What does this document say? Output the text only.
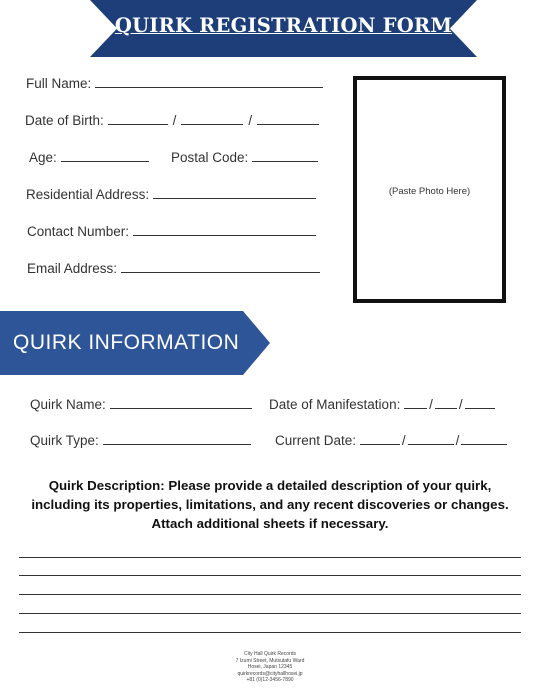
QUIRK REGISTRATION FORM
Full Name:
Date of Birth:	/	/
Age:	Postal Code:
Residential Address:
Contact Number:
Email Address:
(Paste Photo Here)
QUIRK INFORMATION
Quirk Name:	Date of Manifestation: / /
Quirk Type:	Current Date:	/	/
Quirk Description: Please provide a detailed description of your quirk, including its properties, limitations, and any recent discoveries or changes. Attach additional sheets if necessary.
City Hall Quirk Records
7 Izumi Street, Mutsutafu Ward
Hosei, Japan 12345
quirkrecords@cityhallhosei.jp
+81 (0)12-3456-7890
